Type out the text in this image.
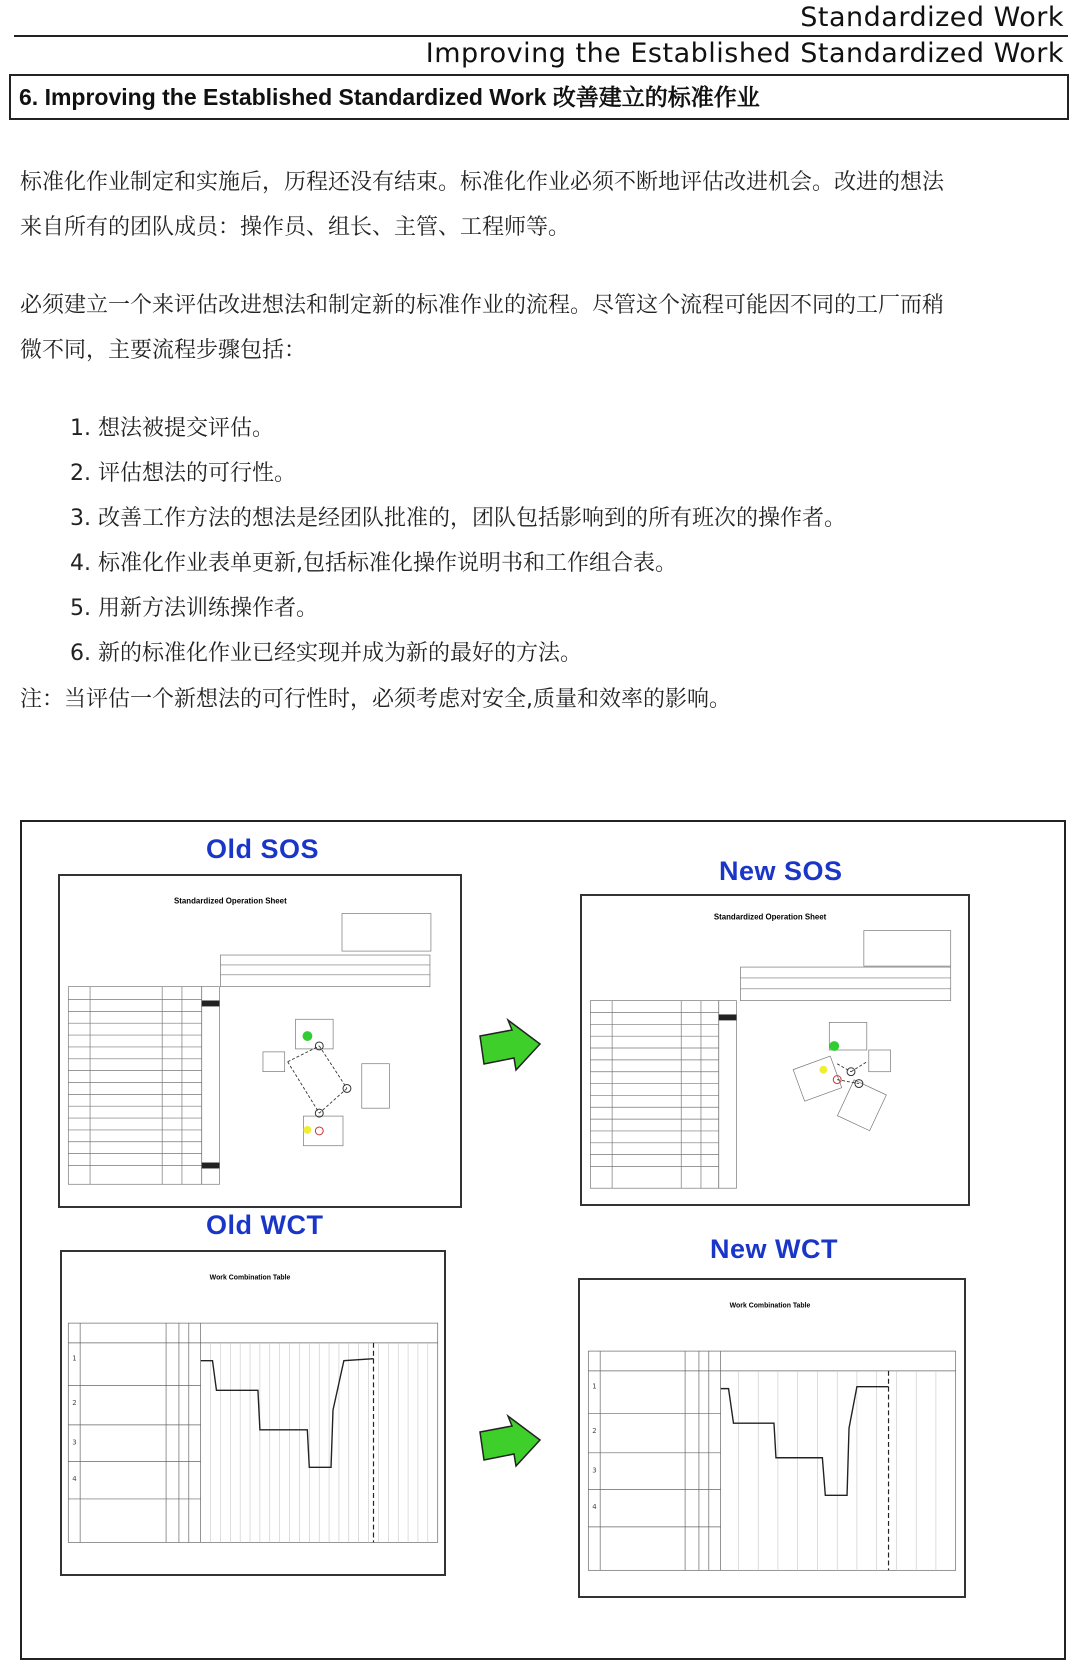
Standardized Work
Improving the Established Standardized Work
6. Improving the Established Standardized Work 改善建立的标准作业
标准化作业制定和实施后，历程还没有结束。标准化作业必须不断地评估改进机会。改进的想法
来自所有的团队成员：操作员、组长、主管、工程师等。
必须建立一个来评估改进想法和制定新的标准作业的流程。尽管这个流程可能因不同的工厂而稍
微不同，主要流程步骤包括：
1. 想法被提交评估。
2. 评估想法的可行性。
3. 改善工作方法的想法是经团队批准的，团队包括影响到的所有班次的操作者。
4. 标准化作业表单更新,包括标准化操作说明书和工作组合表。
5. 用新方法训练操作者。
6. 新的标准化作业已经实现并成为新的最好的方法。
注：当评估一个新想法的可行性时，必须考虑对安全,质量和效率的影响。
Old SOS
Standardized Operation Sheet
New SOS
Standardized Operation Sheet
Old WCT
Work Combination Table
1
2
3
4
New WCT
Work Combination Table
1
2
3
4
